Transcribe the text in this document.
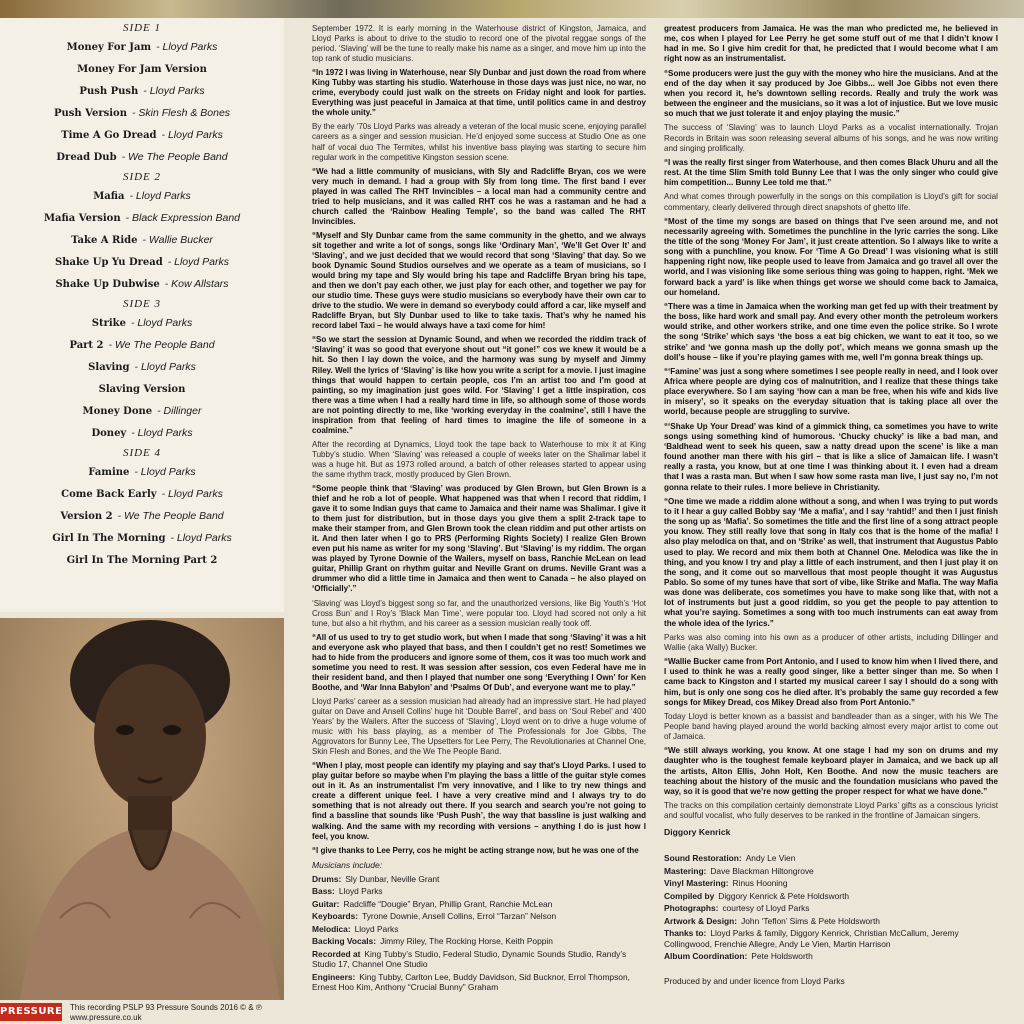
SIDE 1
Money For Jam - Lloyd Parks
Money For Jam Version
Push Push - Lloyd Parks
Push Version - Skin Flesh & Bones
Time A Go Dread - Lloyd Parks
Dread Dub - We The People Band
SIDE 2
Mafia - Lloyd Parks
Mafia Version - Black Expression Band
Take A Ride - Wallie Bucker
Shake Up Yu Dread - Lloyd Parks
Shake Up Dubwise - Kow Allstars
SIDE 3
Strike - Lloyd Parks
Part 2 - We The People Band
Slaving - Lloyd Parks
Slaving Version
Money Done - Dillinger
Doney - Lloyd Parks
SIDE 4
Famine - Lloyd Parks
Come Back Early - Lloyd Parks
Version 2 - We The People Band
Girl In The Morning - Lloyd Parks
Girl In The Morning Part 2
PRESSURE This recording PSLP 93 Pressure Sounds 2016 © & ℗
www.pressure.co.uk

September 1972. It is early morning in the Waterhouse district of Kingston, Jamaica, and Lloyd Parks is about to drive to the studio to record one of the pivotal reggae songs of the period. ‘Slaving’ will be the tune to really make his name as a singer, and move him up into the top rank of studio musicians.

“In 1972 I was living in Waterhouse, near Sly Dunbar and just down the road from where King Tubby was starting his studio. Waterhouse in those days was just nice, no war, no crime, everybody could just walk on the streets on Friday night and look for parties. Everything was just peaceful in Jamaica at that time, until politics came in and destroy the whole unity.”

By the early ’70s Lloyd Parks was already a veteran of the local music scene, enjoying parallel careers as a singer and session musician. He’d enjoyed some success at Studio One as one half of vocal duo The Termites, whilst his inventive bass playing was starting to secure him regular work in the competitive Kingston session scene.

“We had a little community of musicians, with Sly and Radcliffe Bryan, cos we were very much in demand. I had a group with Sly from long time. The first band I ever played in was called The RHT Invincibles – a local man had a community centre and tried to help musicians, and it was called RHT cos he was a rastaman and he had a church called the ‘Rainbow Healing Temple’, so the band was called The RHT Invincibles.

“Myself and Sly Dunbar came from the same community in the ghetto, and we always sit together and write a lot of songs, songs like ‘Ordinary Man’, ‘We’ll Get Over It’ and ‘Slaving’, and we just decided that we would record that song ‘Slaving’ that day. So we book Dynamic Sound Studios ourselves and we operate as a team of musicians, so I would bring my tape and Sly would bring his tape and Radcliffe Bryan bring his tape, and then we don’t pay each other, we just play for each other, and together we pay for our studio time. These guys were studio musicians so everybody have their own car to drive to the studio. We were in demand so everybody could afford a car, like myself and Radcliffe Bryan, but Sly Dunbar used to like to take taxis. That’s why he named his record label Taxi – he would always have a taxi come for him!

“So we start the session at Dynamic Sound, and when we recorded the riddim track of ‘Slaving’ it was so good that everyone shout out “it gone!” cos we knew it would be a hit. So then I lay down the voice, and the harmony was sung by myself and Jimmy Riley. Well the lyrics of ‘Slaving’ is like how you write a script for a movie. I just imagine things that would happen to certain people, cos I’m an artist too and I’m good at painting, so my imagination just goes wild. For ‘Slaving’ I get a little inspiration, cos there was a time when I had a really hard time in life, so although some of those words are not pointing directly to me, like ‘working everyday in the coalmine’, still I have the inspiration from that feeling of hard times to imagine the life of someone in a coalmine.”

After the recording at Dynamics, Lloyd took the tape back to Waterhouse to mix it at King Tubby’s studio. When ‘Slaving’ was released a couple of weeks later on the Shalimar label it was a huge hit. But as 1973 rolled around, a batch of other releases started to appear using the same rhythm track, mostly produced by Glen Brown.

“Some people think that ‘Slaving’ was produced by Glen Brown, but Glen Brown is a thief and he rob a lot of people. What happened was that when I record that riddim, I gave it to some Indian guys that came to Jamaica and their name was Shalimar. I give it to them just for distribution, but in those days you give them a split 2-track tape to make their stamper from, and Glen Brown took the clean riddim and put other artists on it. And then later when I go to PRS (Performing Rights Society) I realize Glen Brown even put his name as writer for my song ‘Slaving’. But ‘Slaving’ is my riddim. The organ was played by Tyrone Downie of the Wailers, myself on bass, Ranchie McLean on lead guitar, Phillip Grant on rhythm guitar and Neville Grant on drums. Neville Grant was a drummer who did a little time in Jamaica and then went to Canada – he also played on ‘Officially’.”

‘Slaving’ was Lloyd’s biggest song so far, and the unauthorized versions, like Big Youth’s ‘Hot Cross Bun’ and I Roy’s ‘Black Man Time’, were popular too. Lloyd had scored not only a hit tune, but also a hit rhythm, and his career as a session musician really took off.

“All of us used to try to get studio work, but when I made that song ‘Slaving’ it was a hit and everyone ask who played that bass, and then I couldn’t get no rest! Sometimes we had to hide from the producers and ignore some of them, cos it was too much work and sometime you need to rest. It was session after session, cos even Federal have me in their resident band, and then I played that number one song ‘Everything I Own’ for Ken Boothe, and ‘War Inna Babylon’ and ‘Psalms Of Dub’, and everyone want me to play.”

Lloyd Parks’ career as a session musician had already had an impressive start. He had played guitar on Dave and Ansell Collins’ huge hit ‘Double Barrel’, and bass on ‘Soul Rebel’ and ‘400 Years’ by the Wailers. After the success of ‘Slaving’, Lloyd went on to drive a huge volume of music with his bass playing, as a member of The Professionals for Joe Gibbs, The Aggrovators for Bunny Lee, The Upsetters for Lee Perry, The Revolutionaries at Channel One, Skin Flesh and Bones, and the We The People Band.

“When I play, most people can identify my playing and say that’s Lloyd Parks. I used to play guitar before so maybe when I’m playing the bass a little of the guitar style comes out in it. As an instrumentalist I’m very innovative, and I like to try new things and create a different unique feel. I have a very creative mind and I always try to do something that is not already out there. If you search and search you’re not going to find a bassline that sounds like ‘Push Push’, the way that bassline is just walking and walking. And the same with my recording with versions – anything I do is just how I feel, you know.

“I give thanks to Lee Perry, cos he might be acting strange now, but he was one of the

Musicians include:
Drums: Sly Dunbar, Neville Grant
Bass: Lloyd Parks
Guitar: Radcliffe “Dougie” Bryan, Phillip Grant, Ranchie McLean
Keyboards: Tyrone Downie, Ansell Collins, Errol “Tarzan” Nelson
Melodica: Lloyd Parks
Backing Vocals: Jimmy Riley, The Rocking Horse, Keith Poppin
Recorded at King Tubby’s Studio, Federal Studio, Dynamic Sounds Studio, Randy’s Studio 17, Channel One Studio
Engineers: King Tubby, Carlton Lee, Buddy Davidson, Sid Bucknor, Errol Thompson, Ernest Hoo Kim, Anthony “Crucial Bunny” Graham

greatest producers from Jamaica. He was the man who predicted me, he believed in me, cos when I played for Lee Perry he get some stuff out of me that I didn’t know I had in me. So I give him credit for that, he predicted that I would become what I am right now as an instrumentalist.

“Some producers were just the guy with the money who hire the musicians. And at the end of the day when it say produced by Joe Gibbs... well Joe Gibbs not even there when you record it, he’s downtown selling records. Really and truly the work was between the engineer and the musicians, so it was a lot of injustice. But we love music so much that we just tolerate it and enjoy playing the music.”

The success of ‘Slaving’ was to launch Lloyd Parks as a vocalist internationally. Trojan Records in Britain was soon releasing several albums of his songs, and he was now writing and singing prolifically.

“I was the really first singer from Waterhouse, and then comes Black Uhuru and all the rest. At the time Slim Smith told Bunny Lee that I was the only singer who could give him competition... Bunny Lee told me that.”

And what comes through powerfully in the songs on this compilation is Lloyd’s gift for social commentary, clearly delivered through direct snapshots of ghetto life.

“Most of the time my songs are based on things that I’ve seen around me, and not necessarily agreeing with. Sometimes the punchline in the lyric carries the song. Like the title of the song ‘Money For Jam’, it just create attention. So I always like to write a song with a punchline, you know. For ‘Time A Go Dread’ I was visioning what is still happening right now, like people used to leave from Jamaica and go travel all over the world, and I was visioning like some serious thing was going to happen, right. ‘Mek we forward back a yard’ is like when things get worse we should come back to Jamaica, our homeland.

“There was a time in Jamaica when the working man get fed up with their treatment by the boss, like hard work and small pay. And every other month the petroleum workers would strike, and other workers strike, and one time even the police strike. So I wrote the song ‘Strike’ which says ‘the boss a eat big chicken, we want to eat it too, so we strike’ and ‘we gonna mash up the dolly pot’, which means we gonna smash up the doll’s house – like if you’re playing games with me, well I’m gonna break things up.

“‘Famine’ was just a song where sometimes I see people really in need, and I look over Africa where people are dying cos of malnutrition, and I realize that these things take place everywhere. So I am saying ‘how can a man be free, when his wife and kids live in misery’, so it speaks on the everyday situation that is taking place all over the world, because people are struggling to survive.

“‘Shake Up Your Dread’ was kind of a gimmick thing, ca sometimes you have to write songs using something kind of humorous. ‘Chucky chucky’ is like a bad man, and ‘Baldhead went to seek his queen, saw a natty dread upon the scene’ is like a man found another man there with his girl – that is like a slice of Jamaican life. I wasn’t really a rasta, you know, but at one time I was thinking about it. I even had a dream that I was a rasta man. But when I saw how some rasta man live, I just say no, I’m not gonna relate to their rules. I more believe in Christianity.

“One time we made a riddim alone without a song, and when I was trying to put words to it I hear a guy called Bobby say ‘Me a mafia’, and I say ‘rahtid!’ and then I just finish the song up as ‘Mafia’. So sometimes the title and the first line of a song attract people you know. They still really love that song in Italy cos that is the home of the mafia! I also play melodica on that, and on ‘Strike’ as well, that instrument that Augustus Pablo used to play. We record and mix them both at Channel One. Melodica was like the in thing, and you know I try and play a little of each instrument, and then I just play it on the song, and it come out so marvellous that most people thought it was Augustus Pablo. So some of my tunes have that sort of vibe, like Strike and Mafia. The way Mafia was done was deliberate, cos sometimes you have to make song like that, with not a lot of instruments but just a good riddim, so you get the people to pay attention to what you’re saying. Sometimes a song with too much instruments can eat away from the whole idea of the lyrics.”

Parks was also coming into his own as a producer of other artists, including Dillinger and Wallie (aka Wally) Bucker.

“Wallie Bucker came from Port Antonio, and I used to know him when I lived there, and I used to think he was a really good singer, like a better singer than me. So when I came back to Kingston and I started my musical career I say I should do a song with him, but is only one song cos he died after. It’s probably the same guy recorded a few songs for Mikey Dread, cos Mikey Dread also from Port Antonio.”

Today Lloyd is better known as a bassist and bandleader than as a singer, with his We The People band having played around the world backing almost every major artist to come out of Jamaica.

“We still always working, you know. At one stage I had my son on drums and my daughter who is the toughest female keyboard player in Jamaica, and we back up all the artists, Alton Ellis, John Holt, Ken Boothe. And now the music teachers are teaching about the history of the music and the foundation musicians who paved the way, so it is good that we’re now getting the proper respect for what we have done.”

The tracks on this compilation certainly demonstrate Lloyd Parks’ gifts as a conscious lyricist and soulful vocalist, who fully deserves to be ranked in the frontline of Jamaican singers.

Diggory Kenrick
Sound Restoration: Andy Le Vien
Mastering: Dave Blackman Hiltongrove
Vinyl Mastering: Rinus Hooning
Compiled by Diggory Kenrick & Pete Holdsworth
Photographs: courtesy of Lloyd Parks
Artwork & Design: John ‘Teflon’ Sims & Pete Holdsworth
Thanks to: Lloyd Parks & family, Diggory Kenrick, Christian McCallum, Jeremy Collingwood, Frenchie Allegre, Andy Le Vien, Martin Harrison
Album Coordination: Pete Holdsworth
Produced by and under licence from Lloyd Parks
